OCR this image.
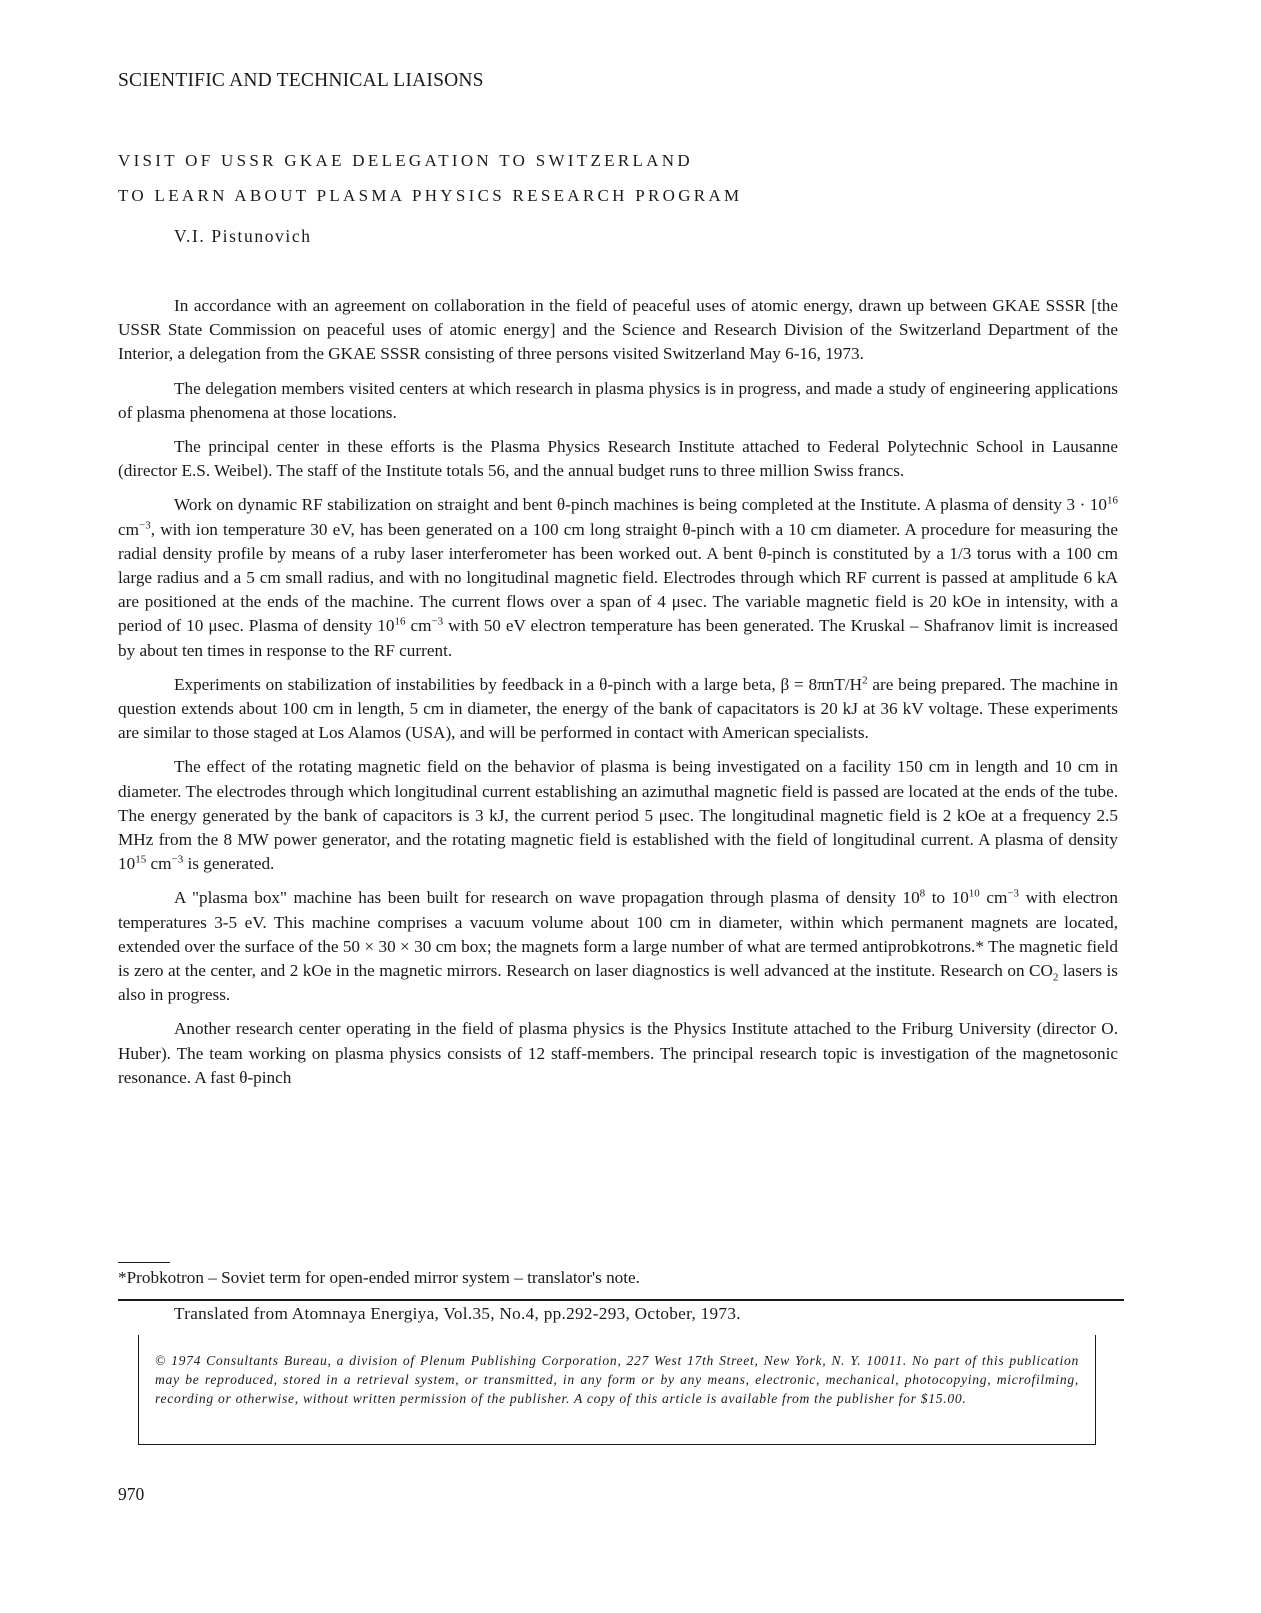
SCIENTIFIC AND TECHNICAL LIAISONS
VISIT OF USSR GKAE DELEGATION TO SWITZERLAND
TO LEARN ABOUT PLASMA PHYSICS RESEARCH PROGRAM
V.I. Pistunovich

In accordance with an agreement on collaboration in the field of peaceful uses of atomic energy, drawn up between GKAE SSSR [the USSR State Commission on peaceful uses of atomic energy] and the Science and Research Division of the Switzerland Department of the Interior, a delegation from the GKAE SSSR consisting of three persons visited Switzerland May 6-16, 1973.

The delegation members visited centers at which research in plasma physics is in progress, and made a study of engineering applications of plasma phenomena at those locations.

The principal center in these efforts is the Plasma Physics Research Institute attached to Federal Polytechnic School in Lausanne (director E.S. Weibel). The staff of the Institute totals 56, and the annual budget runs to three million Swiss francs.

Work on dynamic RF stabilization on straight and bent θ-pinch machines is being completed at the Institute. A plasma of density $3 \cdot 10^{16}$ $cm^{-3}$, with ion temperature 30 eV, has been generated on a 100 cm long straight θ-pinch with a 10 cm diameter. A procedure for measuring the radial density profile by means of a ruby laser interferometer has been worked out. A bent θ-pinch is constituted by a 1/3 torus with a 100 cm large radius and a 5 cm small radius, and with no longitudinal magnetic field. Electrodes through which RF current is passed at amplitude 6 kA are positioned at the ends of the machine. The current flows over a span of 4 μsec. The variable magnetic field is 20 kOe in intensity, with a period of 10 μsec. Plasma of density $10^{16}$ $cm^{-3}$ with 50 eV electron temperature has been generated. The Kruskal – Shafranov limit is increased by about ten times in response to the RF current.

Experiments on stabilization of instabilities by feedback in a θ-pinch with a large beta, $\beta = 8\pi nT/H^2$ are being prepared. The machine in question extends about 100 cm in length, 5 cm in diameter, the energy of the bank of capacitators is 20 kJ at 36 kV voltage. These experiments are similar to those staged at Los Alamos (USA), and will be performed in contact with American specialists.

The effect of the rotating magnetic field on the behavior of plasma is being investigated on a facility 150 cm in length and 10 cm in diameter. The electrodes through which longitudinal current establishing an azimuthal magnetic field is passed are located at the ends of the tube. The energy generated by the bank of capacitors is 3 kJ, the current period 5 μsec. The longitudinal magnetic field is 2 kOe at a frequency 2.5 MHz from the 8 MW power generator, and the rotating magnetic field is established with the field of longitudinal current. A plasma of density $10^{15}$ $cm^{-3}$ is generated.

A "plasma box" machine has been built for research on wave propagation through plasma of density $10^8$ to $10^{10}$ $cm^{-3}$ with electron temperatures 3-5 eV. This machine comprises a vacuum volume about 100 cm in diameter, within which permanent magnets are located, extended over the surface of the 50 × 30 × 30 cm box; the magnets form a large number of what are termed antiprobkotrons.* The magnetic field is zero at the center, and 2 kOe in the magnetic mirrors. Research on laser diagnostics is well advanced at the institute. Research on $CO_2$ lasers is also in progress.

Another research center operating in the field of plasma physics is the Physics Institute attached to the Friburg University (director O. Huber). The team working on plasma physics consists of 12 staff-members. The principal research topic is investigation of the magnetosonic resonance. A fast θ-pinch

*Probkotron – Soviet term for open-ended mirror system – translator's note.
Translated from Atomnaya Energiya, Vol.35, No.4, pp.292-293, October, 1973.
© 1974 Consultants Bureau, a division of Plenum Publishing Corporation, 227 West 17th Street, New York, N. Y. 10011. No part of this publication may be reproduced, stored in a retrieval system, or transmitted, in any form or by any means, electronic, mechanical, photocopying, microfilming, recording or otherwise, without written permission of the publisher. A copy of this article is available from the publisher for $15.00.
970
